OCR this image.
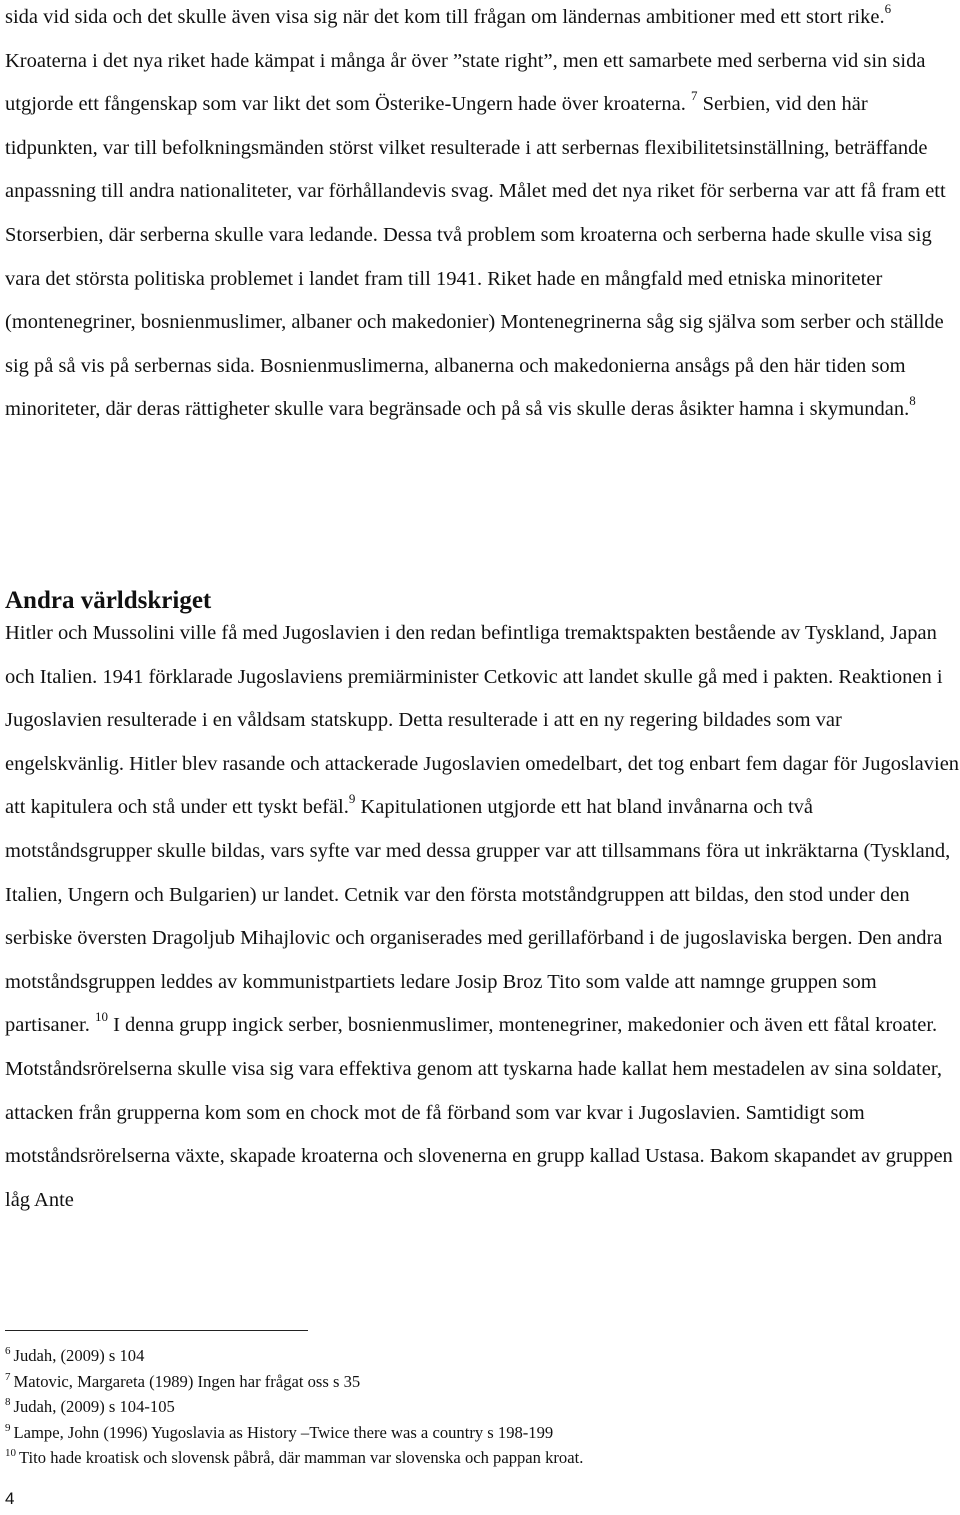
sida vid sida och det skulle även visa sig när det kom till frågan om ländernas ambitioner med ett stort rike.$^6$ Kroaterna i det nya riket hade kämpat i många år över ”state right”, men ett samarbete med serberna vid sin sida utgjorde ett fångenskap som var likt det som Österike-Ungern hade över kroaterna. $^7$ Serbien, vid den här tidpunkten, var till befolkningsmänden störst vilket resulterade i att serbernas flexibilitetsinställning, beträffande anpassning till andra nationaliteter, var förhållandevis svag. Målet med det nya riket för serberna var att få fram ett Storserbien, där serberna skulle vara ledande. Dessa två problem som kroaterna och serberna hade skulle visa sig vara det största politiska problemet i landet fram till 1941. Riket hade en mångfald med etniska minoriteter (montenegriner, bosnienmuslimer, albaner och makedonier) Montenegrinerna såg sig själva som serber och ställde sig på så vis på serbernas sida. Bosnienmuslimerna, albanerna och makedonierna ansågs på den här tiden som minoriteter, där deras rättigheter skulle vara begränsade och på så vis skulle deras åsikter hamna i skymundan.$^8$

Andra världskriget

Hitler och Mussolini ville få med Jugoslavien i den redan befintliga tremaktspakten bestående av Tyskland, Japan och Italien. 1941 förklarade Jugoslaviens premiärminister Cetkovic att landet skulle gå med i pakten. Reaktionen i Jugoslavien resulterade i en våldsam statskupp. Detta resulterade i att en ny regering bildades som var engelskvänlig. Hitler blev rasande och attackerade Jugoslavien omedelbart, det tog enbart fem dagar för Jugoslavien att kapitulera och stå under ett tyskt befäl.$^9$ Kapitulationen utgjorde ett hat bland invånarna och två motståndsgrupper skulle bildas, vars syfte var med dessa grupper var att tillsammans föra ut inkräktarna (Tyskland, Italien, Ungern och Bulgarien) ur landet. Cetnik var den första motståndgruppen att bildas, den stod under den serbiske översten Dragoljub Mihajlovic och organiserades med gerillaförband i de jugoslaviska bergen. Den andra motståndsgruppen leddes av kommunistpartiets ledare Josip Broz Tito som valde att namnge gruppen som partisaner. $^{10}$ I denna grupp ingick serber, bosnienmuslimer, montenegriner, makedonier och även ett fåtal kroater. Motståndsrörelserna skulle visa sig vara effektiva genom att tyskarna hade kallat hem mestadelen av sina soldater, attacken från grupperna kom som en chock mot de få förband som var kvar i Jugoslavien. Samtidigt som motståndsrörelserna växte, skapade kroaterna och slovenerna en grupp kallad Ustasa. Bakom skapandet av gruppen låg Ante

$^6$ Judah, (2009) s 104
$^7$ Matovic, Margareta (1989) Ingen har frågat oss s 35
$^8$ Judah, (2009) s 104-105
$^9$ Lampe, John (1996) Yugoslavia as History –Twice there was a country s 198-199
$^{10}$ Tito hade kroatisk och slovensk påbrå, där mamman var slovenska och pappan kroat.
4
